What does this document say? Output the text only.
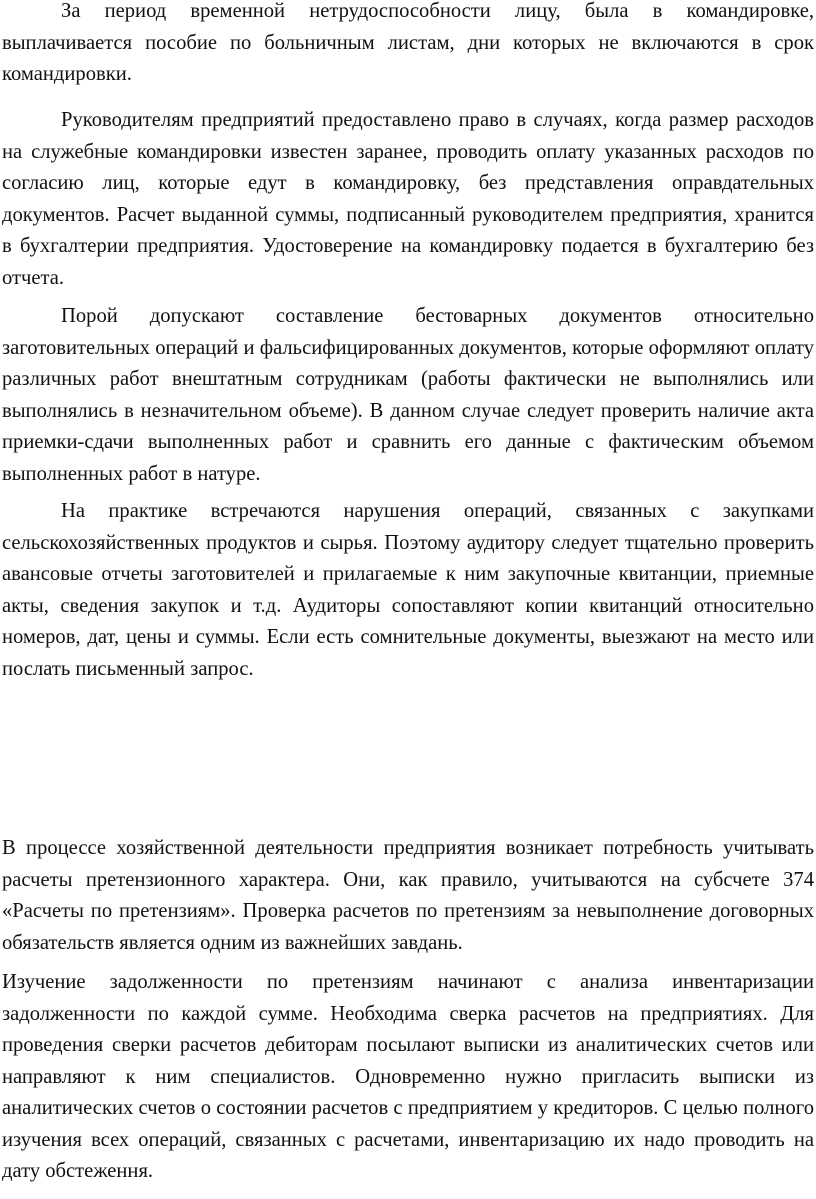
За период временной нетрудоспособности лицу, была в командировке, выплачивается пособие по больничным листам, дни которых не включаются в срок командировки.

Руководителям предприятий предоставлено право в случаях, когда размер расходов на служебные командировки известен заранее, проводить оплату указанных расходов по согласию лиц, которые едут в командировку, без представления оправдательных документов. Расчет выданной суммы, подписанный руководителем предприятия, хранится в бухгалтерии предприятия. Удостоверение на командировку подается в бухгалтерию без отчета.

Порой допускают составление бестоварных документов относительно заготовительных операций и фальсифицированных документов, которые оформляют оплату различных работ внештатным сотрудникам (работы фактически не выполнялись или выполнялись в незначительном объеме). В данном случае следует проверить наличие акта приемки-сдачи выполненных работ и сравнить его данные с фактическим объемом выполненных работ в натуре.

На практике встречаются нарушения операций, связанных с закупками сельскохозяйственных продуктов и сырья. Поэтому аудитору следует тщательно проверить авансовые отчеты заготовителей и прилагаемые к ним закупочные квитанции, приемные акты, сведения закупок и т.д. Аудиторы сопоставляют копии квитанций относительно номеров, дат, цены и суммы. Если есть сомнительные документы, выезжают на место или послать письменный запрос.

В процессе хозяйственной деятельности предприятия возникает потребность учитывать расчеты претензионного характера. Они, как правило, учитываются на субсчете 374 «Расчеты по претензиям». Проверка расчетов по претензиям за невыполнение договорных обязательств является одним из важнейших завдань.

Изучение задолженности по претензиям начинают с анализа инвентаризации задолженности по каждой сумме. Необходима сверка расчетов на предприятиях. Для проведения сверки расчетов дебиторам посылают выписки из аналитических счетов или направляют к ним специалистов. Одновременно нужно пригласить выписки из аналитических счетов о состоянии расчетов с предприятием у кредиторов. С целью полного изучения всех операций, связанных с расчетами, инвентаризацию их надо проводить на дату обстеження.
